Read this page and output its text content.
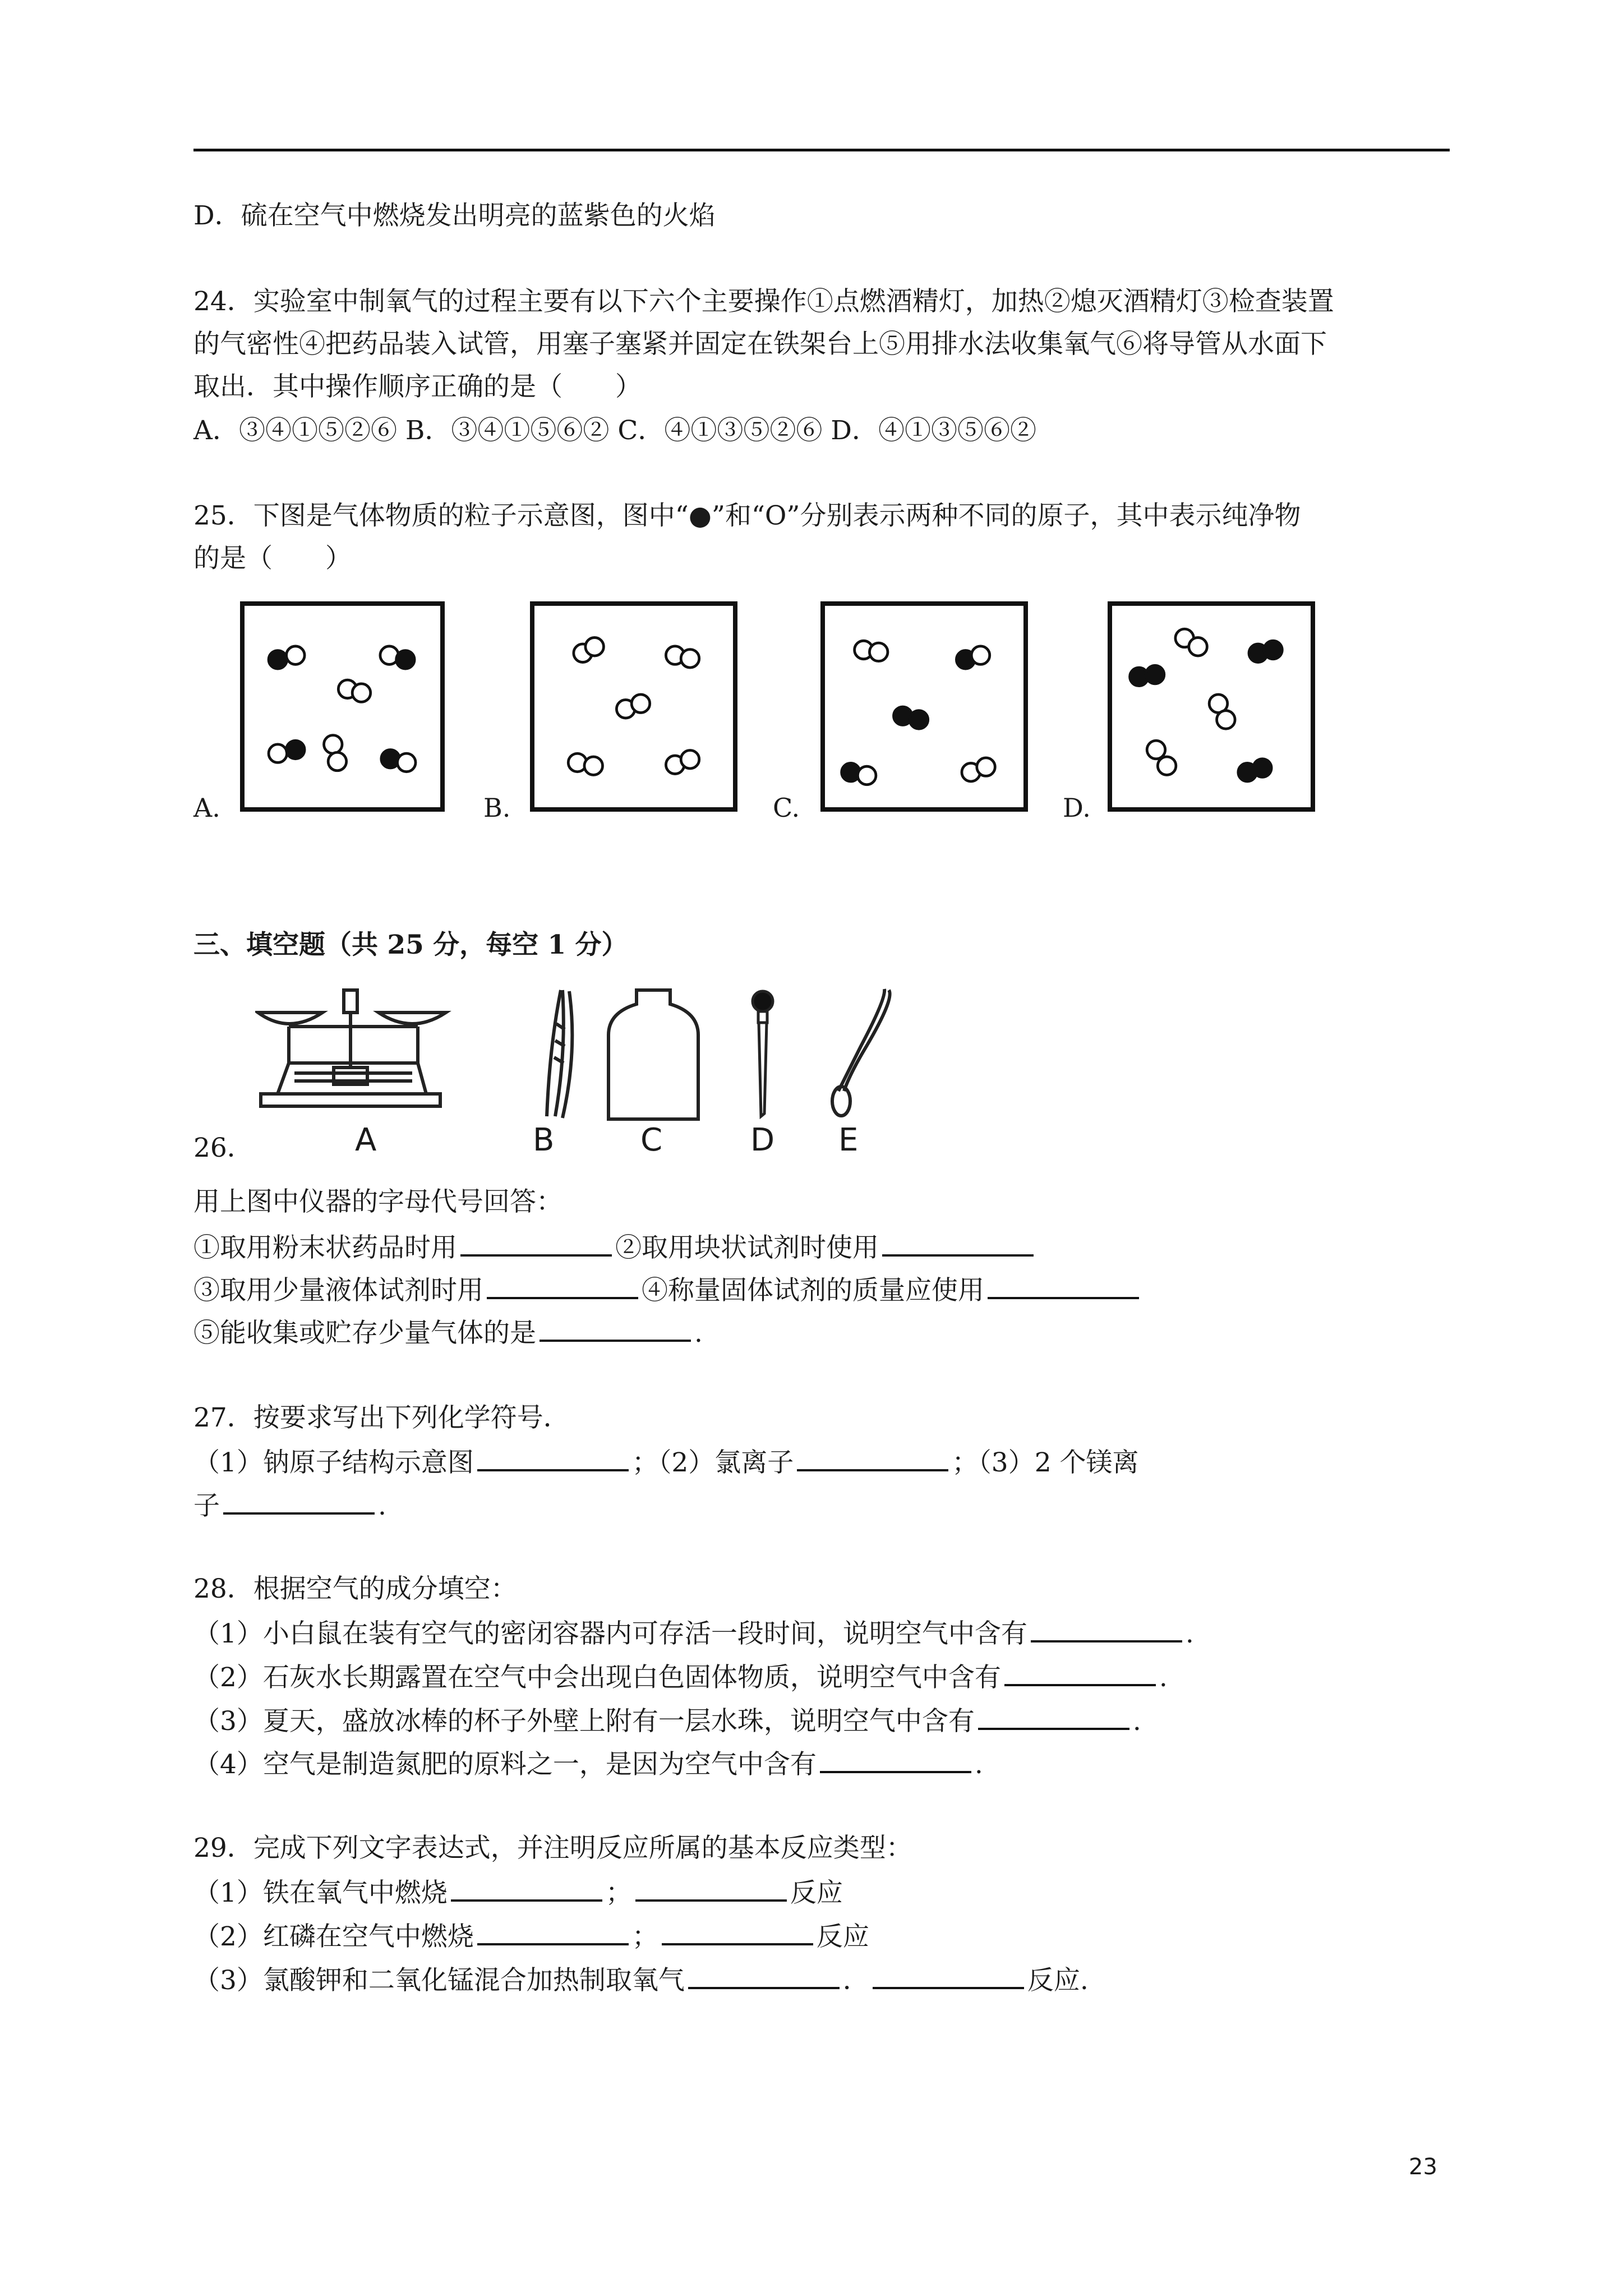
D．硫在空气中燃烧发出明亮的蓝紫色的火焰
24．实验室中制氧气的过程主要有以下六个主要操作①点燃酒精灯，加热②熄灭酒精灯③检查装置
的气密性④把药品装入试管，用塞子塞紧并固定在铁架台上⑤用排水法收集氧气⑥将导管从水面下
取出．其中操作顺序正确的是（　　）
A．③④①⑤②⑥ B．③④①⑤⑥② C．④①③⑤②⑥ D．④①③⑤⑥②
25．下图是气体物质的粒子示意图，图中“●”和“O”分别表示两种不同的原子，其中表示纯净物
的是（　　）
A.	B.	C.	D.
三、填空题（共 25 分，每空 1 分）
26．	A	B	C	D E
用上图中仪器的字母代号回答：
①取用粉末状药品时用	②取用块状试剂时使用
③取用少量液体试剂时用	④称量固体试剂的质量应使用
⑤能收集或贮存少量气体的是	.
27．按要求写出下列化学符号．
（1）钠原子结构示意图	；（2）氯离子	；（3）2 个镁离
子	.
28．根据空气的成分填空：
（1）小白鼠在装有空气的密闭容器内可存活一段时间，说明空气中含有	.
（2）石灰水长期露置在空气中会出现白色固体物质，说明空气中含有	.
（3）夏天，盛放冰棒的杯子外壁上附有一层水珠，说明空气中含有	.
（4）空气是制造氮肥的原料之一，是因为空气中含有	.
29．完成下列文字表达式，并注明反应所属的基本反应类型：
（1）铁在氧气中燃烧	；	反应
（2）红磷在空气中燃烧	；	反应
（3）氯酸钾和二氧化锰混合加热制取氧气	．	反应.
23
